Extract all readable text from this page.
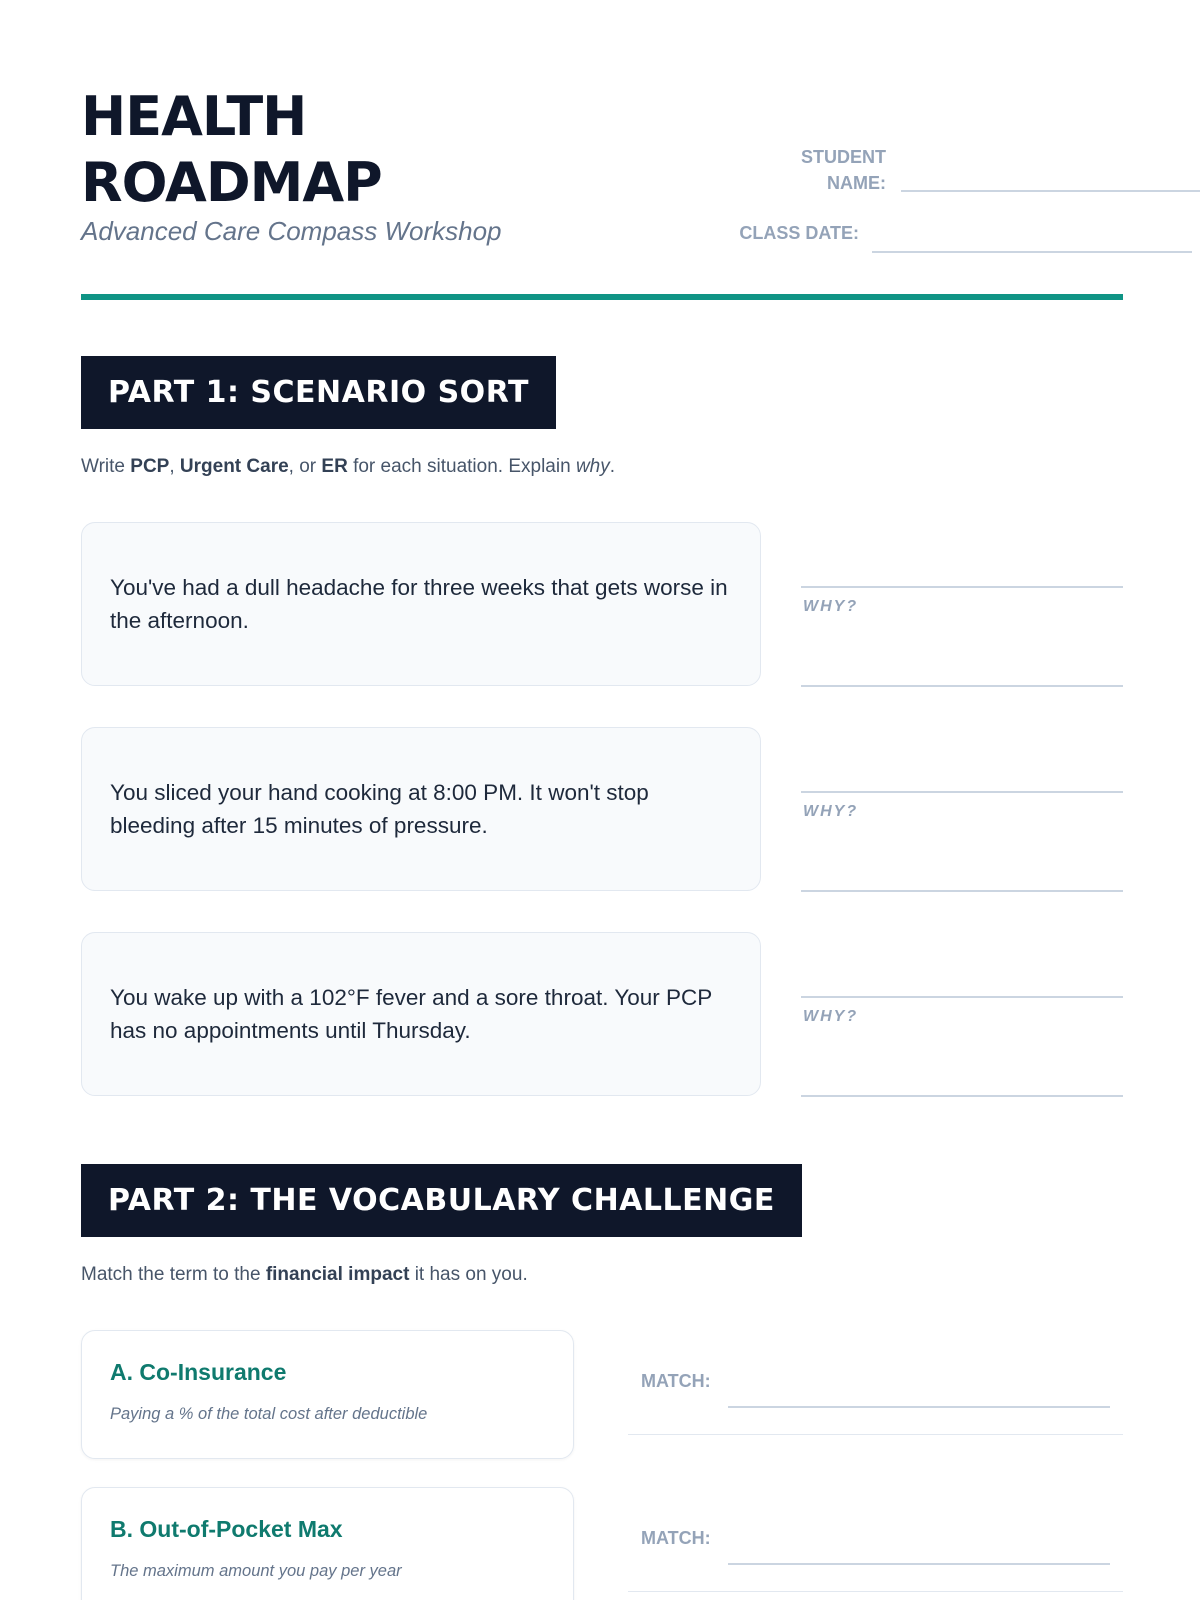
HEALTH
ROADMAP
Advanced Care Compass Workshop
STUDENT
NAME:
CLASS DATE:
PART 1: SCENARIO SORT
Write PCP, Urgent Care, or ER for each situation. Explain why.
You've had a dull headache for three weeks that gets worse in the afternoon.
WHY?
You sliced your hand cooking at 8:00 PM. It won't stop bleeding after 15 minutes of pressure.
WHY?
You wake up with a 102°F fever and a sore throat. Your PCP has no appointments until Thursday.
WHY?
PART 2: THE VOCABULARY CHALLENGE
Match the term to the financial impact it has on you.
A. Co-Insurance
Paying a % of the total cost after deductible
MATCH:
B. Out-of-Pocket Max
The maximum amount you pay per year
MATCH:
